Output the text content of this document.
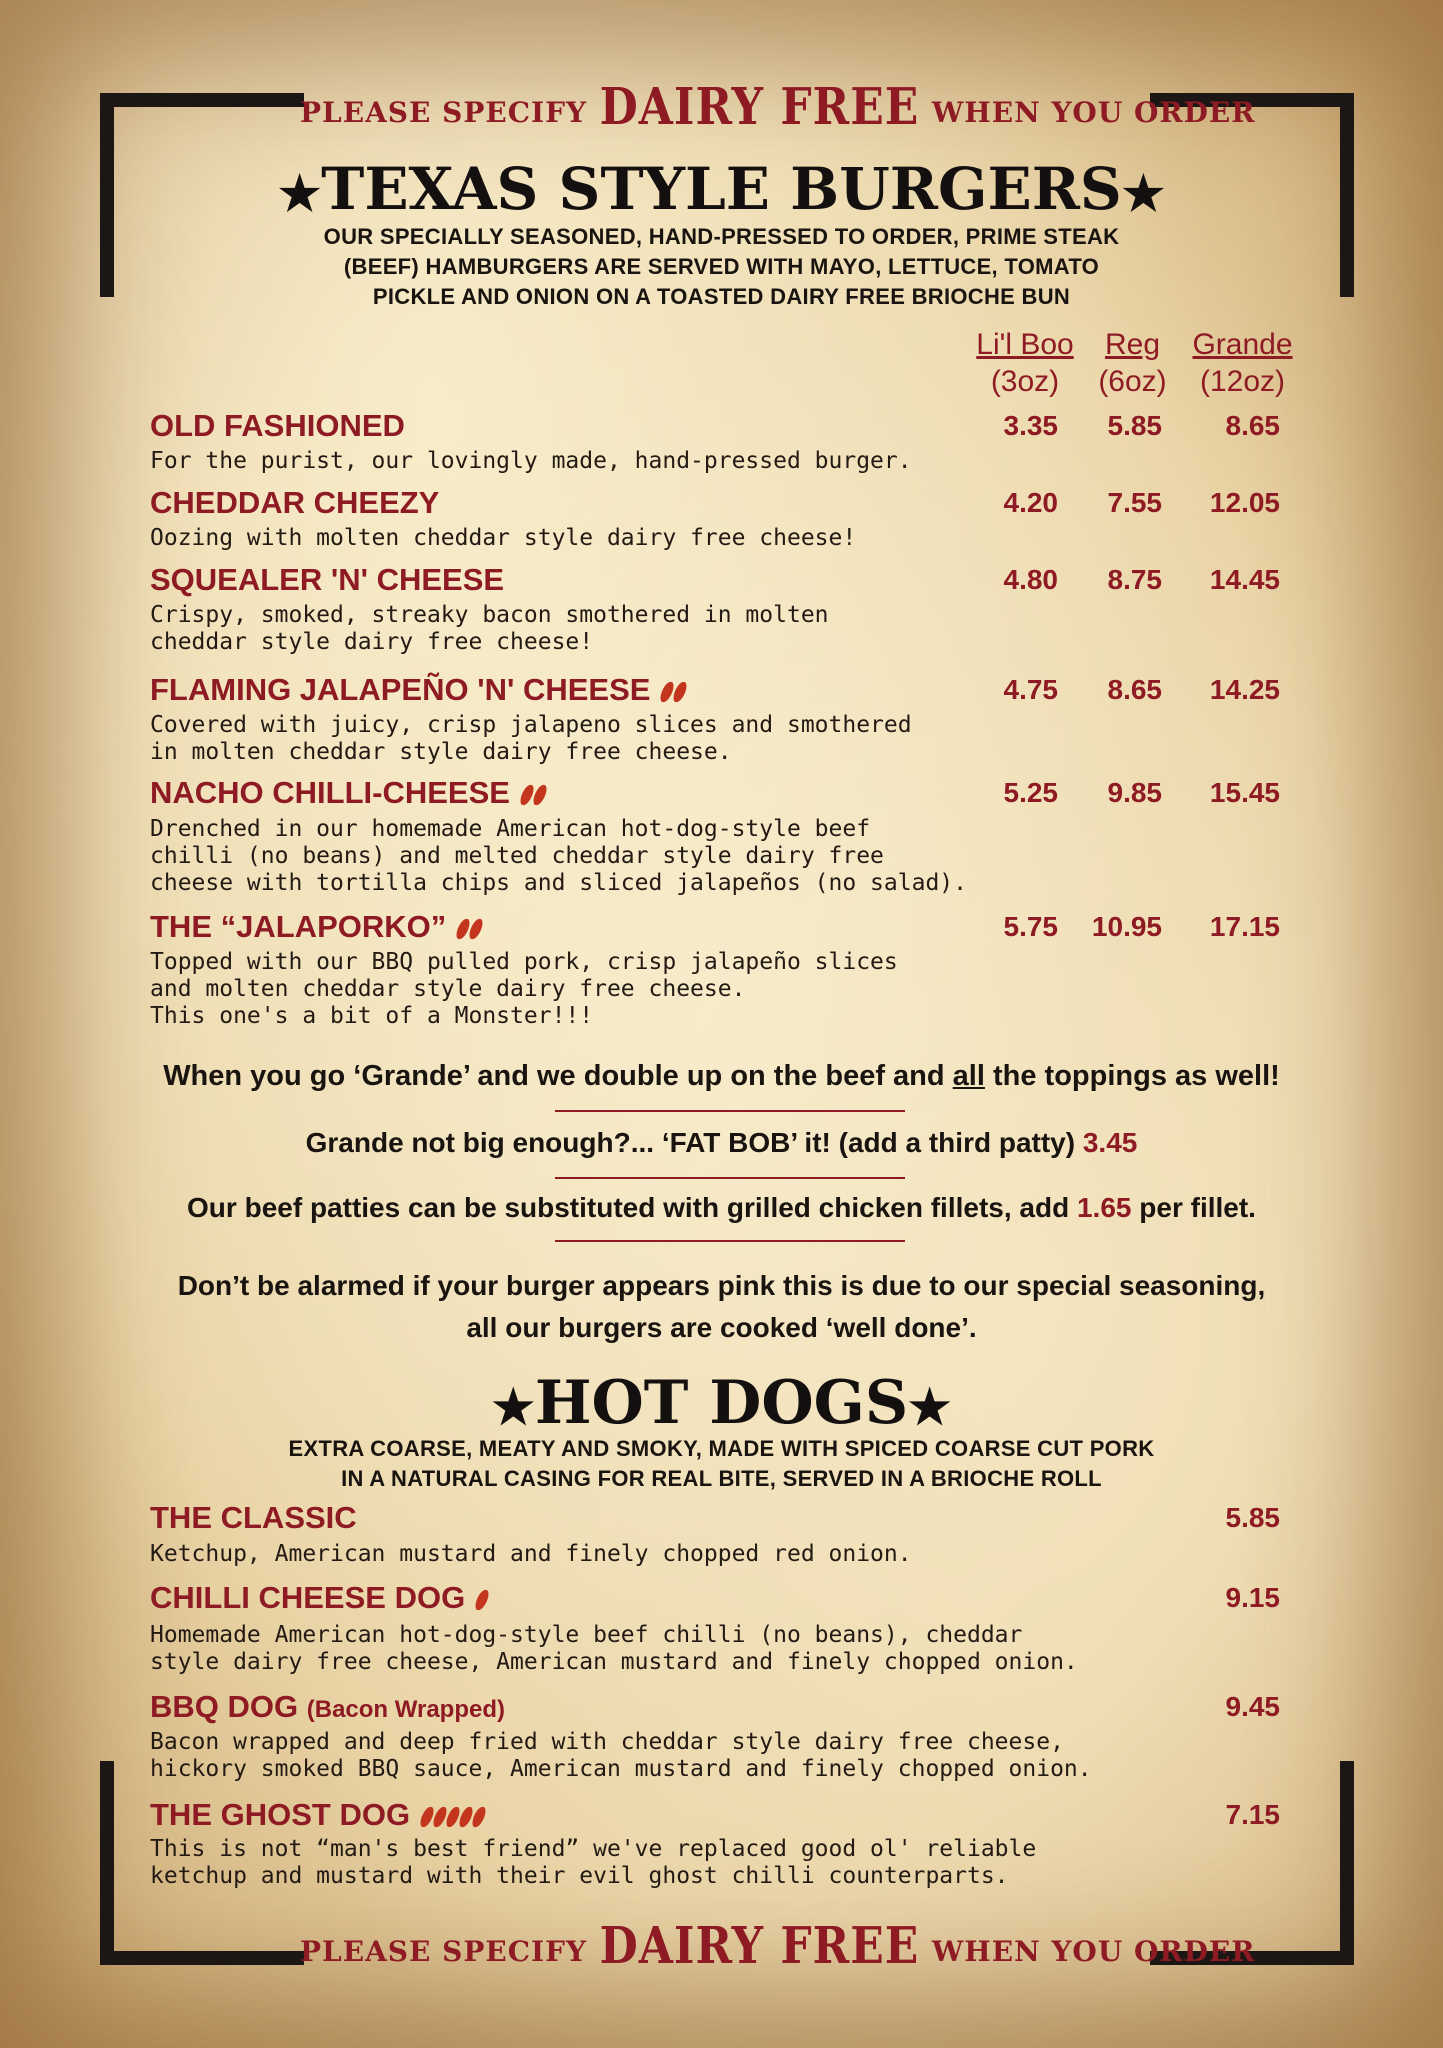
PLEASE SPECIFY DAIRY FREE WHEN YOU ORDER
★TEXAS STYLE BURGERS★
OUR SPECIALLY SEASONED, HAND-PRESSED TO ORDER, PRIME STEAK
(BEEF) HAMBURGERS ARE SERVED WITH MAYO, LETTUCE, TOMATO
PICKLE AND ONION ON A TOASTED DAIRY FREE BRIOCHE BUN
Li'l Boo
(3oz)
Reg
(6oz)
Grande
(12oz)
OLD FASHIONED
For the purist, our lovingly made, hand-pressed burger.
3.35	5.85	8.65
CHEDDAR CHEEZY
Oozing with molten cheddar style dairy free cheese!
4.20	7.55	12.05
SQUEALER 'N' CHEESE
Crispy, smoked, streaky bacon smothered in molten
cheddar style dairy free cheese!
4.80	8.75	14.45
FLAMING JALAPEÑO 'N' CHEESE
Covered with juicy, crisp jalapeno slices and smothered
in molten cheddar style dairy free cheese.
4.75	8.65	14.25
NACHO CHILLI-CHEESE
Drenched in our homemade American hot-dog-style beef
chilli (no beans) and melted cheddar style dairy free
cheese with tortilla chips and sliced jalapeños (no salad).
5.25	9.85	15.45
THE “JALAPORKO”
Topped with our BBQ pulled pork, crisp jalapeño slices
and molten cheddar style dairy free cheese.
This one's a bit of a Monster!!!
5.75	10.95	17.15
When you go ‘Grande’ and we double up on the beef and all the toppings as well!
Grande not big enough?... ‘FAT BOB’ it! (add a third patty) 3.45
Our beef patties can be substituted with grilled chicken fillets, add 1.65 per fillet.
Don’t be alarmed if your burger appears pink this is due to our special seasoning,
all our burgers are cooked ‘well done’.
★HOT DOGS★
EXTRA COARSE, MEATY AND SMOKY, MADE WITH SPICED COARSE CUT PORK
IN A NATURAL CASING FOR REAL BITE, SERVED IN A BRIOCHE ROLL
THE CLASSIC
Ketchup, American mustard and finely chopped red onion.
5.85
CHILLI CHEESE DOG
Homemade American hot-dog-style beef chilli (no beans), cheddar
style dairy free cheese, American mustard and finely chopped onion.
9.15
BBQ DOG (Bacon Wrapped)
Bacon wrapped and deep fried with cheddar style dairy free cheese,
hickory smoked BBQ sauce, American mustard and finely chopped onion.
9.45
THE GHOST DOG
This is not “man's best friend” we've replaced good ol' reliable
ketchup and mustard with their evil ghost chilli counterparts.
7.15
PLEASE SPECIFY DAIRY FREE WHEN YOU ORDER
